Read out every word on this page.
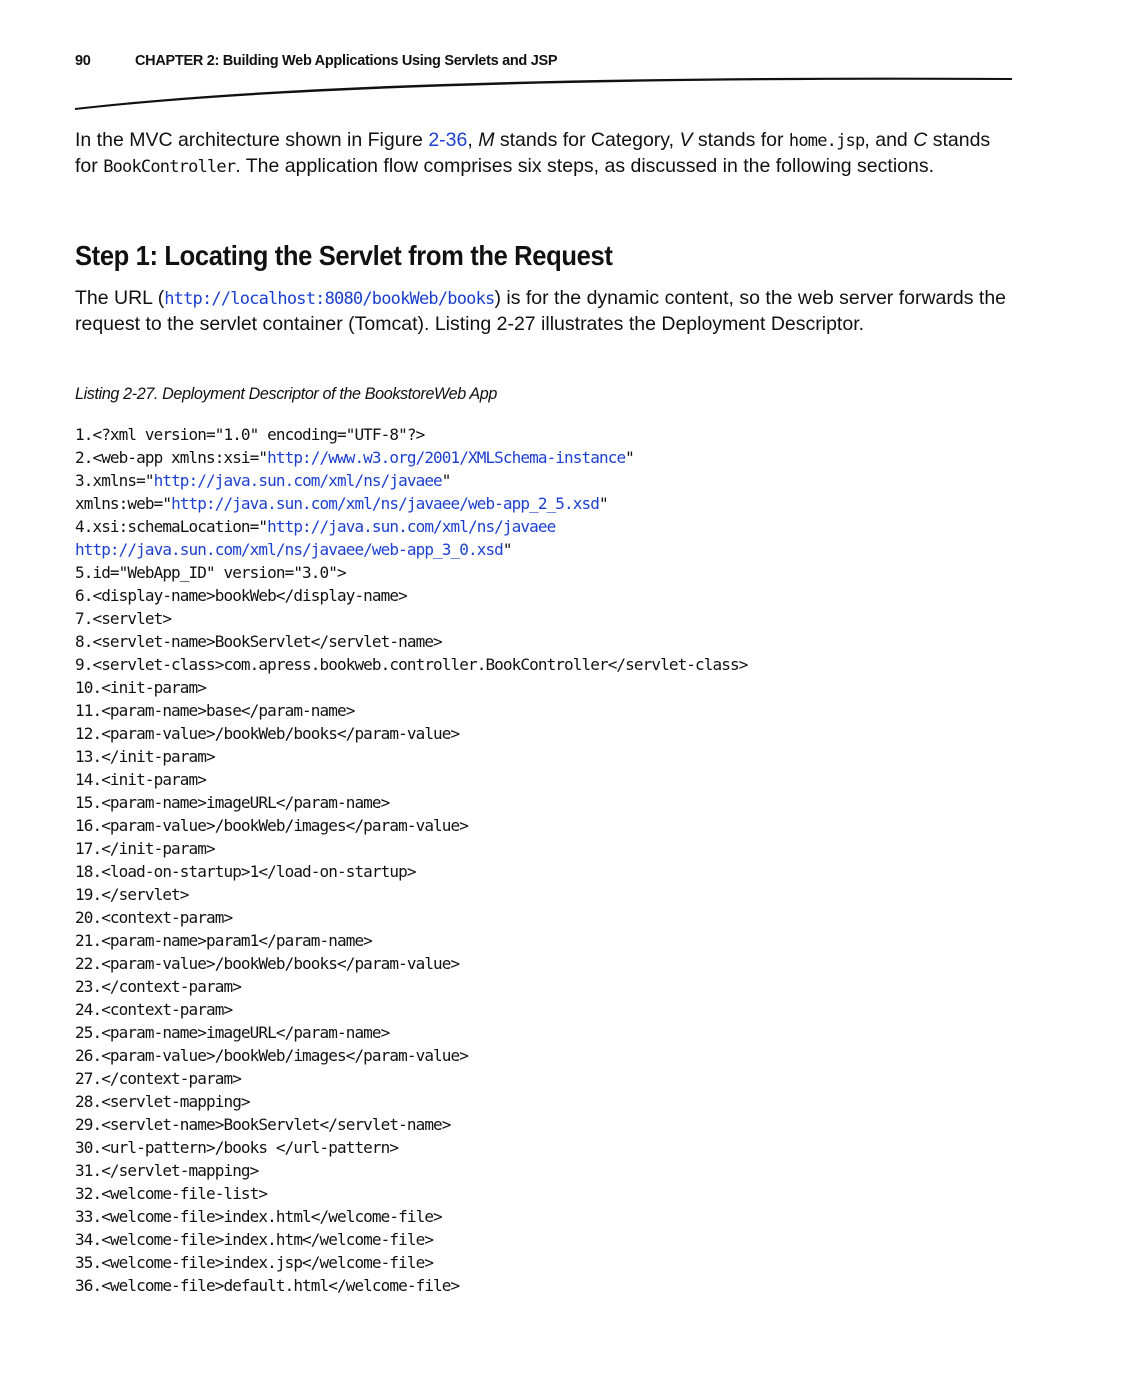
90	CHAPTER 2: Building Web Applications Using Servlets and JSP

In the MVC architecture shown in Figure 2-36, M stands for Category, V stands for home.jsp, and C stands for BookController. The application flow comprises six steps, as discussed in the following sections.

Step 1: Locating the Servlet from the Request

The URL (http://localhost:8080/bookWeb/books) is for the dynamic content, so the web server forwards the request to the servlet container (Tomcat). Listing 2-27 illustrates the Deployment Descriptor.

Listing 2-27. Deployment Descriptor of the BookstoreWeb App
1.<?xml version="1.0" encoding="UTF-8"?>
2.<web-app xmlns:xsi="http://www.w3.org/2001/XMLSchema-instance"
3.xmlns="http://java.sun.com/xml/ns/javaee"
xmlns:web="http://java.sun.com/xml/ns/javaee/web-app_2_5.xsd"
4.xsi:schemaLocation="http://java.sun.com/xml/ns/javaee
http://java.sun.com/xml/ns/javaee/web-app_3_0.xsd"
5.id="WebApp_ID" version="3.0">
6.<display-name>bookWeb</display-name>
7.<servlet>
8.<servlet-name>BookServlet</servlet-name>
9.<servlet-class>com.apress.bookweb.controller.BookController</servlet-class>
10.<init-param>
11.<param-name>base</param-name>
12.<param-value>/bookWeb/books</param-value>
13.</init-param>
14.<init-param>
15.<param-name>imageURL</param-name>
16.<param-value>/bookWeb/images</param-value>
17.</init-param>
18.<load-on-startup>1</load-on-startup>
19.</servlet>
20.<context-param>
21.<param-name>param1</param-name>
22.<param-value>/bookWeb/books</param-value>
23.</context-param>
24.<context-param>
25.<param-name>imageURL</param-name>
26.<param-value>/bookWeb/images</param-value>
27.</context-param>
28.<servlet-mapping>
29.<servlet-name>BookServlet</servlet-name>
30.<url-pattern>/books </url-pattern>
31.</servlet-mapping>
32.<welcome-file-list>
33.<welcome-file>index.html</welcome-file>
34.<welcome-file>index.htm</welcome-file>
35.<welcome-file>index.jsp</welcome-file>
36.<welcome-file>default.html</welcome-file>
